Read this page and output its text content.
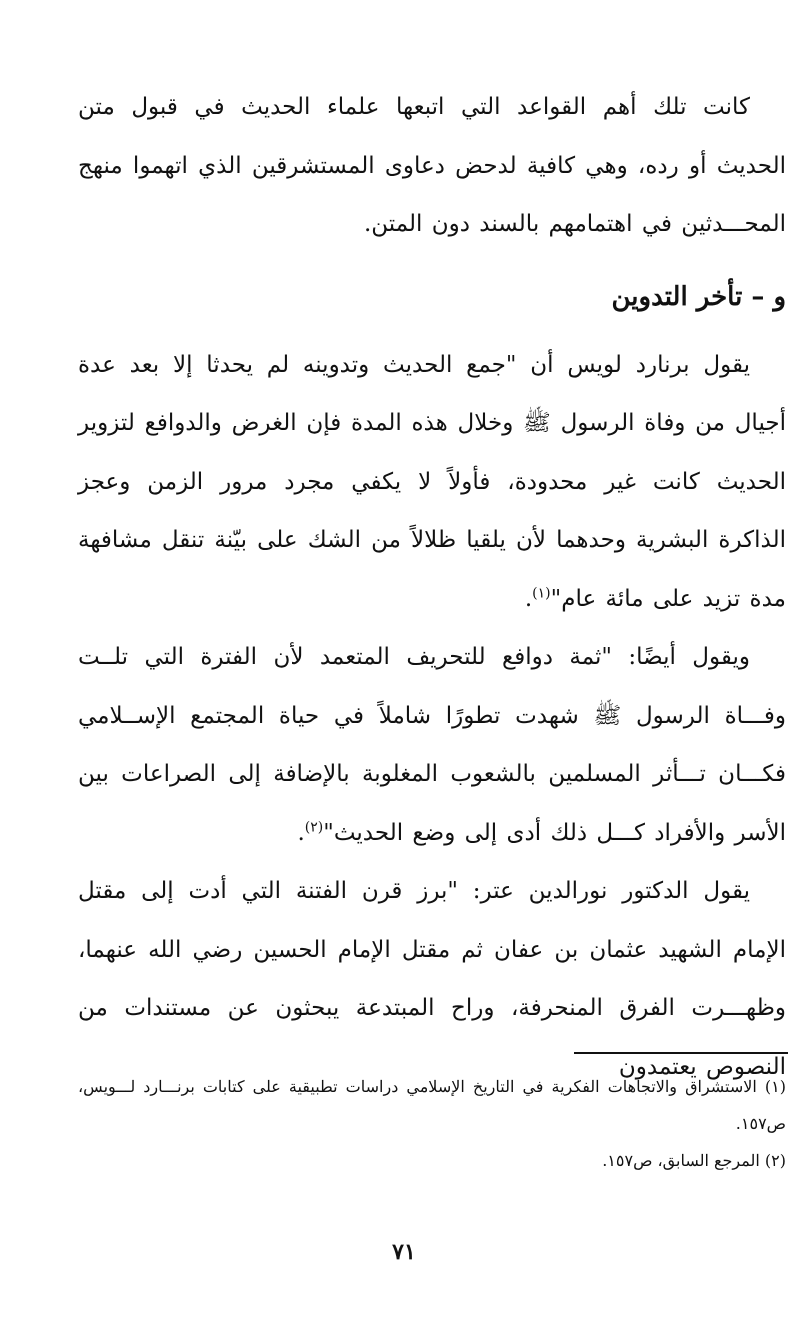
كانت تلك أهم القواعد التي اتبعها علماء الحديث في قبول متن الحديث أو رده، وهي كافية لدحض دعاوى المستشرقين الذي اتهموا منهج المحـــدثين في اهتمامهم بالسند دون المتن.

و – تأخر التدوين

يقول برنارد لويس أن "جمع الحديث وتدوينه لم يحدثا إلا بعد عدة أجيال من وفاة الرسول ﷺ وخلال هذه المدة فإن الغرض والدوافع لتزوير الحديث كانت غير محدودة، فأولاً لا يكفي مجرد مرور الزمن وعجز الذاكرة البشرية وحدهما لأن يلقيا ظلالاً من الشك على بيّنة تنقل مشافهة مدة تزيد على مائة عام"$^{(١)}$.

ويقول أيضًا: "ثمة دوافع للتحريف المتعمد لأن الفترة التي تلــت وفـــاة الرسول ﷺ شهدت تطورًا شاملاً في حياة المجتمع الإســلامي فكـــان تـــأثر المسلمين بالشعوب المغلوبة بالإضافة إلى الصراعات بين الأسر والأفراد كـــل ذلك أدى إلى وضع الحديث"$^{(٢)}$.

يقول الدكتور نورالدين عتر: "برز قرن الفتنة التي أدت إلى مقتل الإمام الشهيد عثمان بن عفان ثم مقتل الإمام الحسين رضي الله عنهما، وظهـــرت الفرق المنحرفة، وراح المبتدعة يبحثون عن مستندات من النصوص يعتمدون

(١) الاستشراق والاتجاهات الفكرية في التاريخ الإسلامي دراسات تطبيقية على كتابات برنـــارد لـــويس، ص١٥٧.

(٢) المرجع السابق، ص١٥٧.

٧١
